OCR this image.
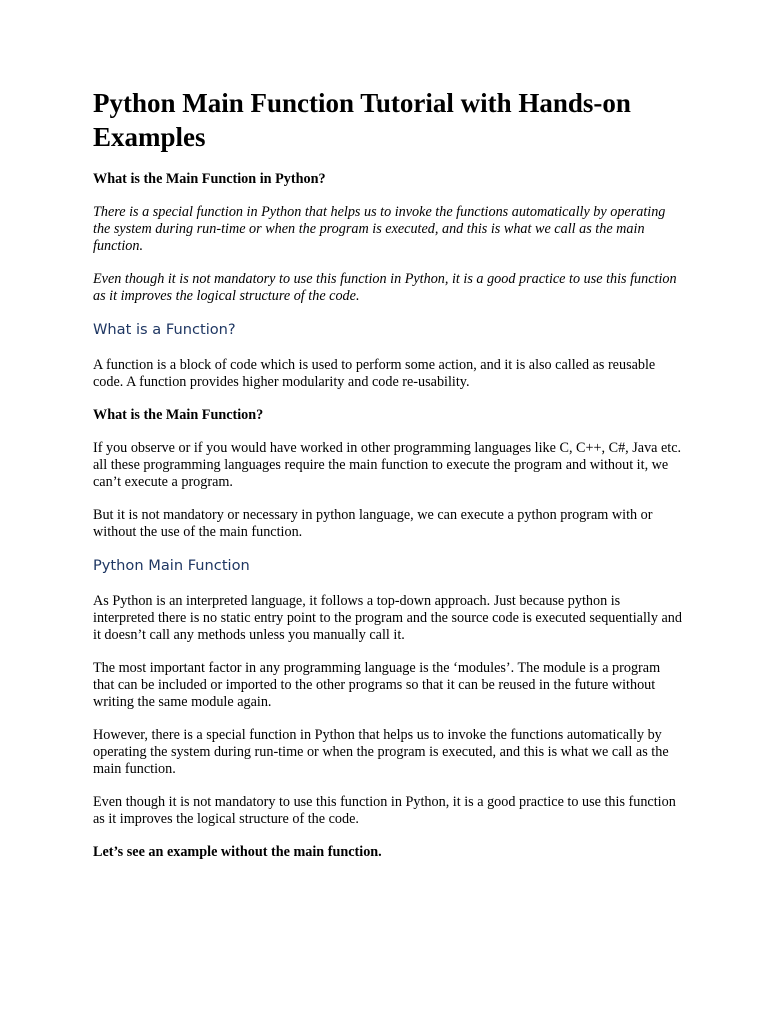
Python Main Function Tutorial with Hands-on Examples
What is the Main Function in Python?
There is a special function in Python that helps us to invoke the functions automatically by operating the system during run-time or when the program is executed, and this is what we call as the main function.
Even though it is not mandatory to use this function in Python, it is a good practice to use this function as it improves the logical structure of the code.
What is a Function?
A function is a block of code which is used to perform some action, and it is also called as reusable code. A function provides higher modularity and code re-usability.
What is the Main Function?
If you observe or if you would have worked in other programming languages like C, C++, C#, Java etc. all these programming languages require the main function to execute the program and without it, we can’t execute a program.
But it is not mandatory or necessary in python language, we can execute a python program with or without the use of the main function.
Python Main Function
As Python is an interpreted language, it follows a top-down approach. Just because python is interpreted there is no static entry point to the program and the source code is executed sequentially and it doesn’t call any methods unless you manually call it.
The most important factor in any programming language is the ‘modules’. The module is a program that can be included or imported to the other programs so that it can be reused in the future without writing the same module again.
However, there is a special function in Python that helps us to invoke the functions automatically by operating the system during run-time or when the program is executed, and this is what we call as the main function.
Even though it is not mandatory to use this function in Python, it is a good practice to use this function as it improves the logical structure of the code.
Let’s see an example without the main function.
